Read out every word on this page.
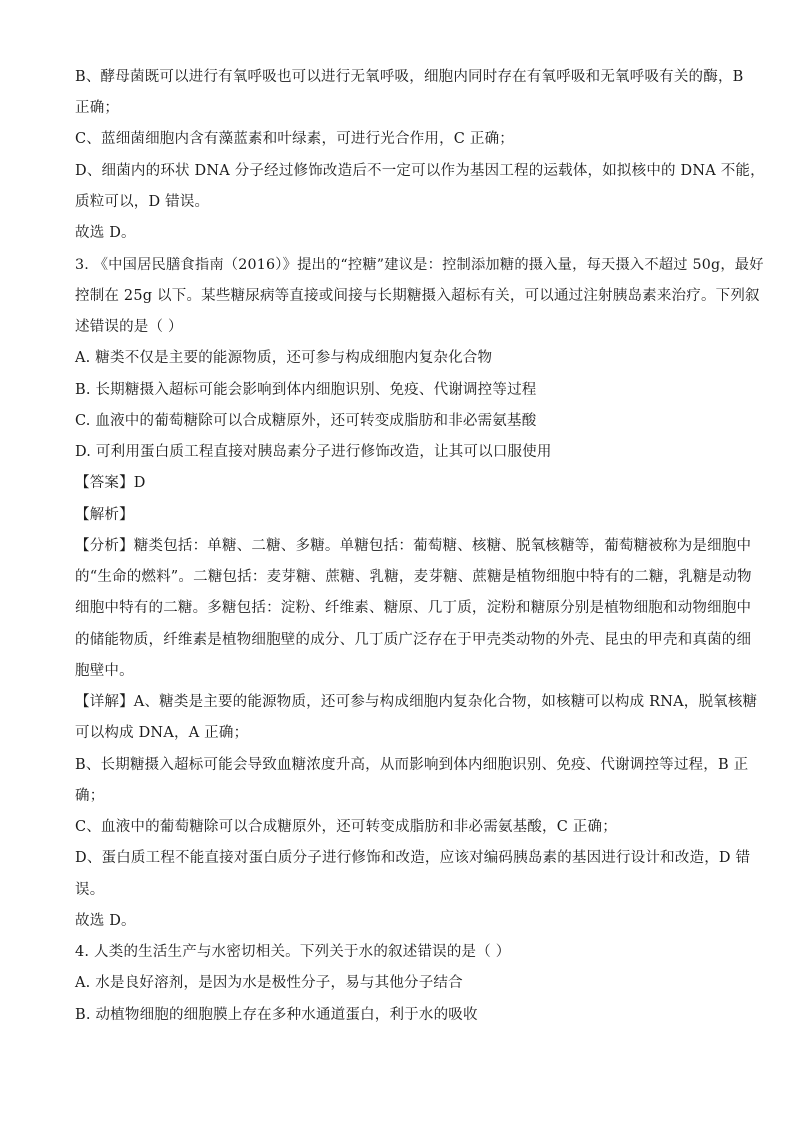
B、酵母菌既可以进行有氧呼吸也可以进行无氧呼吸，细胞内同时存在有氧呼吸和无氧呼吸有关的酶，B
正确；
C、蓝细菌细胞内含有藻蓝素和叶绿素，可进行光合作用，C 正确；
D、细菌内的环状 DNA 分子经过修饰改造后不一定可以作为基因工程的运载体，如拟核中的 DNA 不能，
质粒可以，D 错误。
故选 D。
3. 《中国居民膳食指南（2016）》提出的“控糖”建议是：控制添加糖的摄入量，每天摄入不超过 50g，最好
控制在 25g 以下。某些糖尿病等直接或间接与长期糖摄入超标有关，可以通过注射胰岛素来治疗。下列叙
述错误的是（ ）
A. 糖类不仅是主要的能源物质，还可参与构成细胞内复杂化合物
B. 长期糖摄入超标可能会影响到体内细胞识别、免疫、代谢调控等过程
C. 血液中的葡萄糖除可以合成糖原外，还可转变成脂肪和非必需氨基酸
D. 可利用蛋白质工程直接对胰岛素分子进行修饰改造，让其可以口服使用
【答案】D
【解析】
【分析】糖类包括：单糖、二糖、多糖。单糖包括：葡萄糖、核糖、脱氧核糖等，葡萄糖被称为是细胞中
的“生命的燃料”。二糖包括：麦芽糖、蔗糖、乳糖，麦芽糖、蔗糖是植物细胞中特有的二糖，乳糖是动物
细胞中特有的二糖。多糖包括：淀粉、纤维素、糖原、几丁质，淀粉和糖原分别是植物细胞和动物细胞中
的储能物质，纤维素是植物细胞壁的成分、几丁质广泛存在于甲壳类动物的外壳、昆虫的甲壳和真菌的细
胞壁中。
【详解】A、糖类是主要的能源物质，还可参与构成细胞内复杂化合物，如核糖可以构成 RNA，脱氧核糖
可以构成 DNA，A 正确；
B、长期糖摄入超标可能会导致血糖浓度升高，从而影响到体内细胞识别、免疫、代谢调控等过程，B 正
确；
C、血液中的葡萄糖除可以合成糖原外，还可转变成脂肪和非必需氨基酸，C 正确；
D、蛋白质工程不能直接对蛋白质分子进行修饰和改造，应该对编码胰岛素的基因进行设计和改造，D 错
误。
故选 D。
4. 人类的生活生产与水密切相关。下列关于水的叙述错误的是（ ）
A. 水是良好溶剂，是因为水是极性分子，易与其他分子结合
B. 动植物细胞的细胞膜上存在多种水通道蛋白，利于水的吸收
